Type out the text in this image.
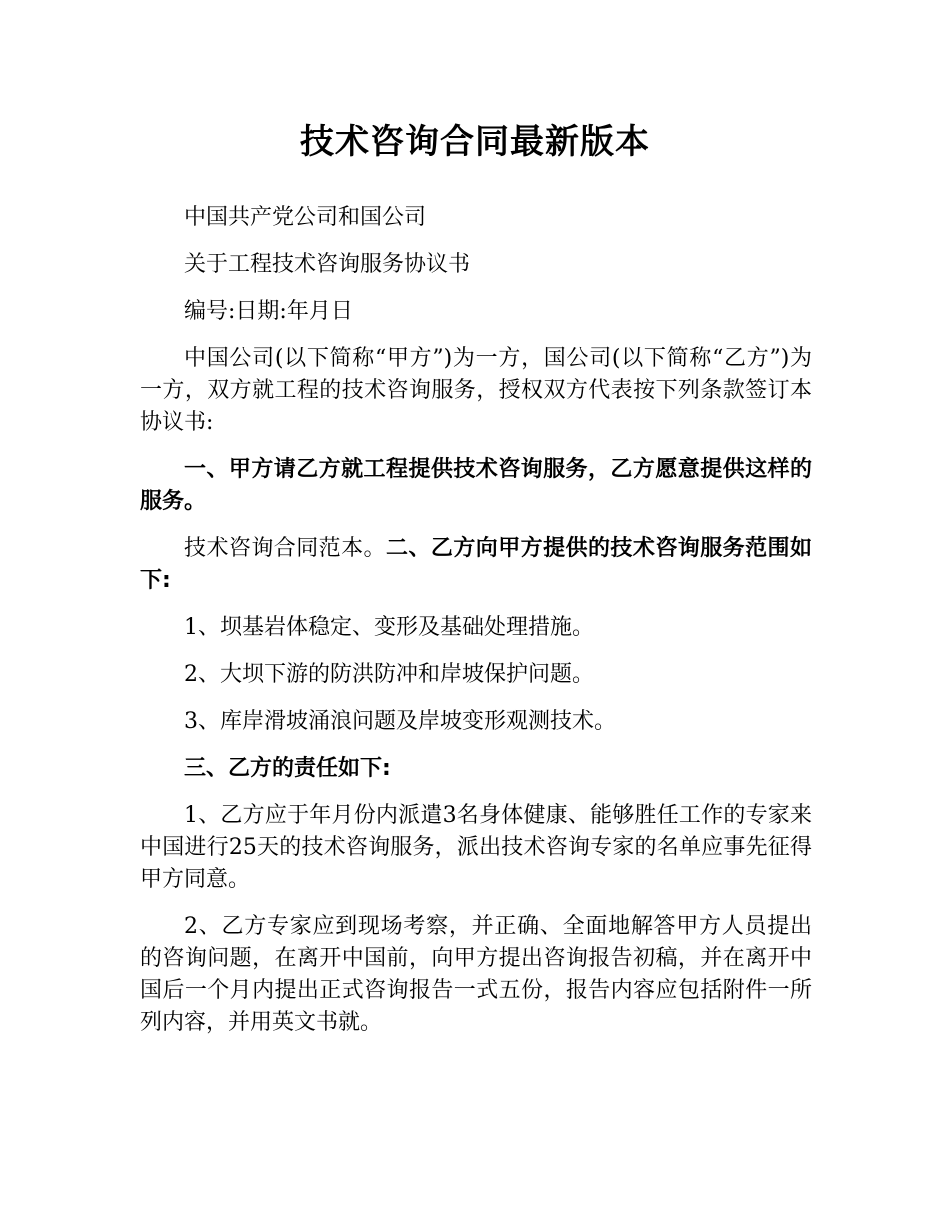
技术咨询合同最新版本

中国共产党公司和国公司

关于工程技术咨询服务协议书

编号:日期:年月日

中国公司(以下简称“甲方”)为一方，国公司(以下简称“乙方”)为一方，双方就工程的技术咨询服务，授权双方代表按下列条款签订本协议书:

一、甲方请乙方就工程提供技术咨询服务，乙方愿意提供这样的服务。

技术咨询合同范本。二、乙方向甲方提供的技术咨询服务范围如下:

1、坝基岩体稳定、变形及基础处理措施。

2、大坝下游的防洪防冲和岸坡保护问题。

3、库岸滑坡涌浪问题及岸坡变形观测技术。

三、乙方的责任如下:

1、乙方应于年月份内派遣3名身体健康、能够胜任工作的专家来中国进行25天的技术咨询服务，派出技术咨询专家的名单应事先征得甲方同意。

2、乙方专家应到现场考察，并正确、全面地解答甲方人员提出的咨询问题，在离开中国前，向甲方提出咨询报告初稿，并在离开中国后一个月内提出正式咨询报告一式五份，报告内容应包括附件一所列内容，并用英文书就。
